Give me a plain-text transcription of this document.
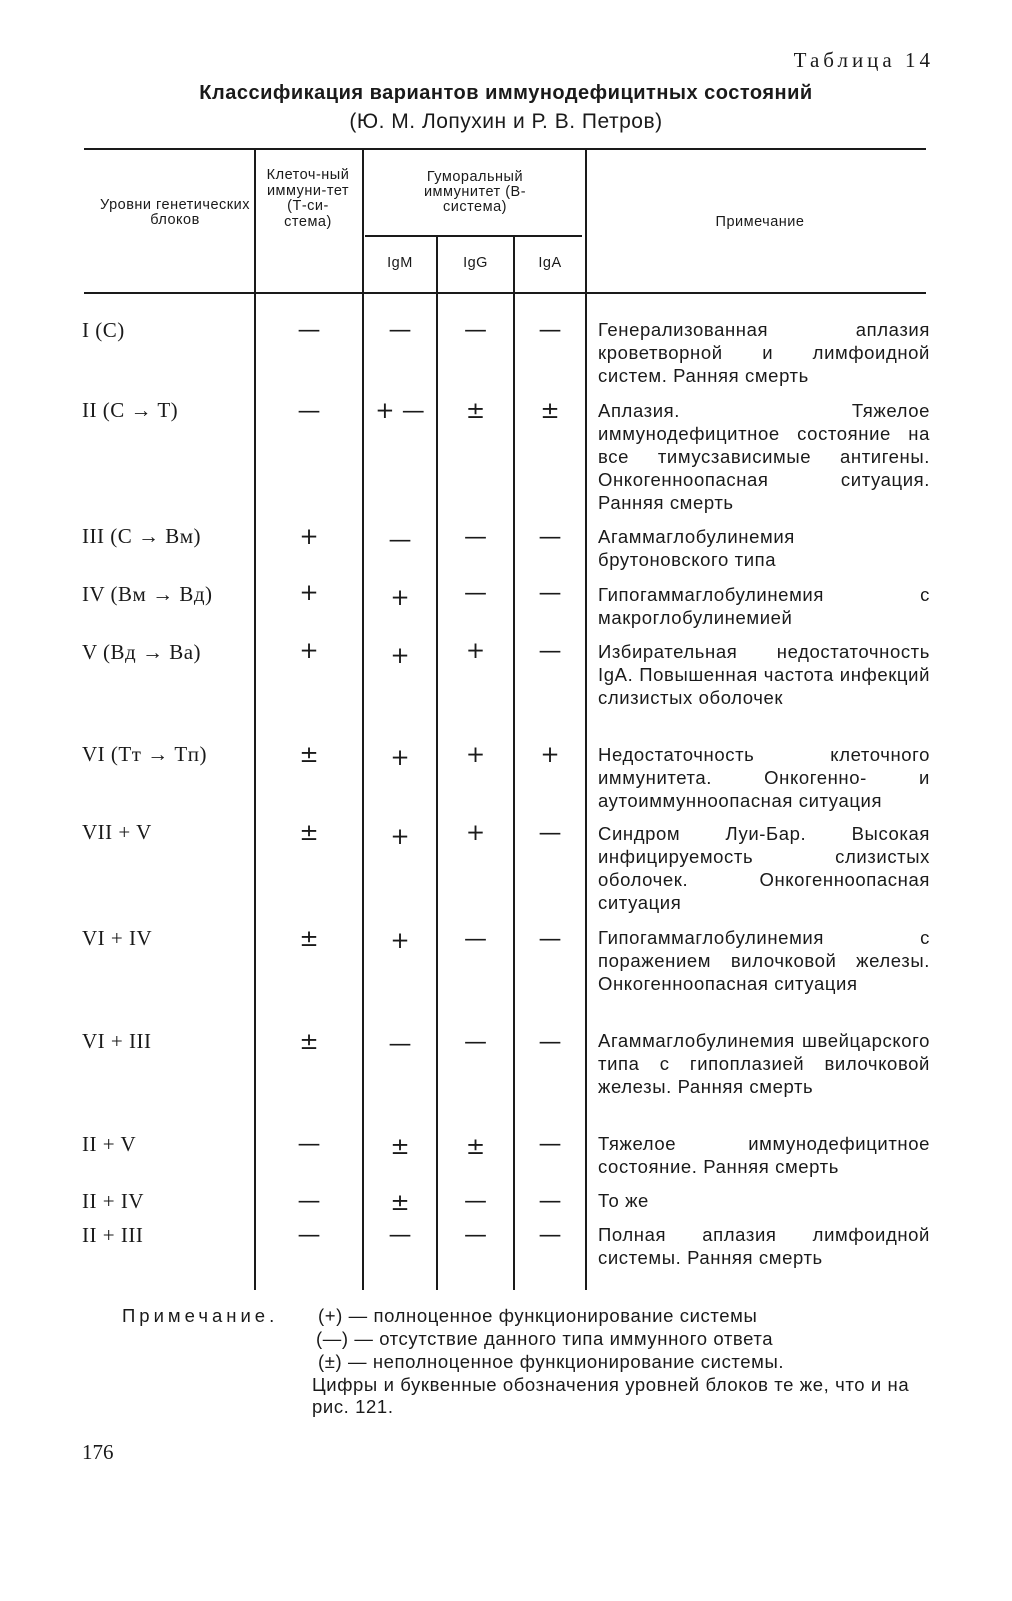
Таблица 14
Классификация вариантов иммунодефицитных состояний
(Ю. М. Лопухин и Р. В. Петров)
Уровни генетических блоков
Клеточ-ный иммуни-тет (Т-си-стема)
Гуморальный иммунитет (В-система)
IgM	IgG	IgA
Примечание
I (C)	—	—	—	—	Генерализованная аплазия кроветворной и лимфоидной систем. Ранняя смерть
II (C → T)	—	+ —	±	±	Аплазия. Тяжелое иммунодефицитное состояние на все тимусзависимые антигены. Онкогенноопасная ситуация. Ранняя смерть
III (C → Bм)	+	—	—	—	Агаммаглобулинемия брутоновского типа
IV (Bм → Bд)	+	+	—	—	Гипогаммаглобулинемия с макроглобулинемией
V (Bд → Bа)	+	+	+	—	Избирательная недостаточность IgA. Повышенная частота инфекций слизистых оболочек
VI (Tт → Tп)	±	+	+	+	Недостаточность клеточного иммунитета. Онкогенно- и аутоиммунноопасная ситуация
VII + V	±	+	+	—	Синдром Луи-Бар. Высокая инфицируемость слизистых оболочек. Онкогенноопасная ситуация
VI + IV	±	+	—	—	Гипогаммаглобулинемия с поражением вилочковой железы. Онкогенноопасная ситуация
VI + III	±	—	—	—	Агаммаглобулинемия швейцарского типа с гипоплазией вилочковой железы. Ранняя смерть
II + V	—	±	±	—	Тяжелое иммунодефицитное состояние. Ранняя смерть
II + IV	—	±	—	—	То же
II + III	—	—	—	—	Полная аплазия лимфоидной системы. Ранняя смерть
Примечание. (+) — полноценное функционирование системы
(—) — отсутствие данного типа иммунного ответа
(±) — неполноценное функционирование системы.
Цифры и буквенные обозначения уровней блоков те же, что и на рис. 121.
176
